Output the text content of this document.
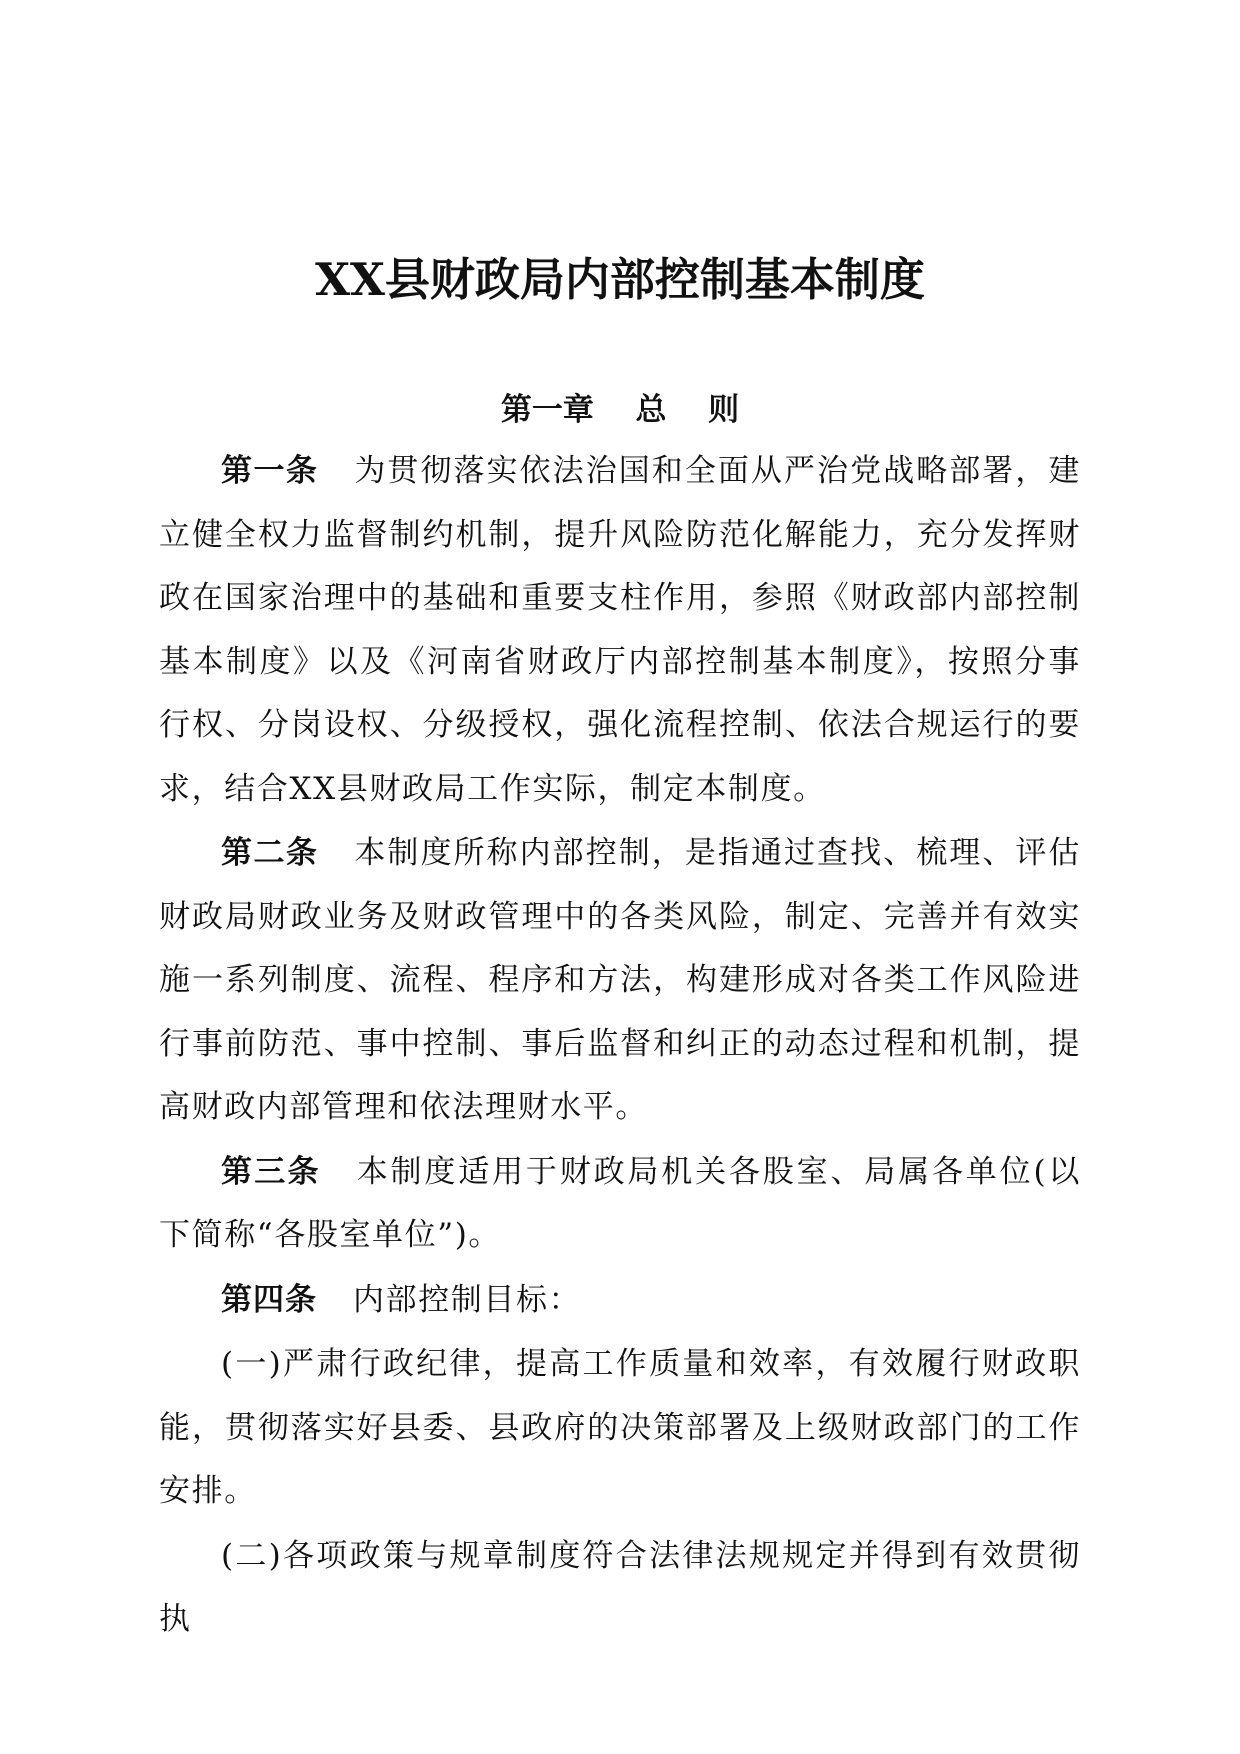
XX县财政局内部控制基本制度
第一章  总  则

第一条 为贯彻落实依法治国和全面从严治党战略部署，建立健全权力监督制约机制，提升风险防范化解能力，充分发挥财政在国家治理中的基础和重要支柱作用，参照《财政部内部控制基本制度》以及《河南省财政厅内部控制基本制度》，按照分事行权、分岗设权、分级授权，强化流程控制、依法合规运行的要求，结合XX县财政局工作实际，制定本制度。

第二条 本制度所称内部控制，是指通过查找、梳理、评估财政局财政业务及财政管理中的各类风险，制定、完善并有效实施一系列制度、流程、程序和方法，构建形成对各类工作风险进行事前防范、事中控制、事后监督和纠正的动态过程和机制，提高财政内部管理和依法理财水平。

第三条 本制度适用于财政局机关各股室、局属各单位(以下简称“各股室单位”)。

第四条 内部控制目标：

(一)严肃行政纪律，提高工作质量和效率，有效履行财政职能，贯彻落实好县委、县政府的决策部署及上级财政部门的工作安排。

(二)各项政策与规章制度符合法律法规规定并得到有效贯彻执
